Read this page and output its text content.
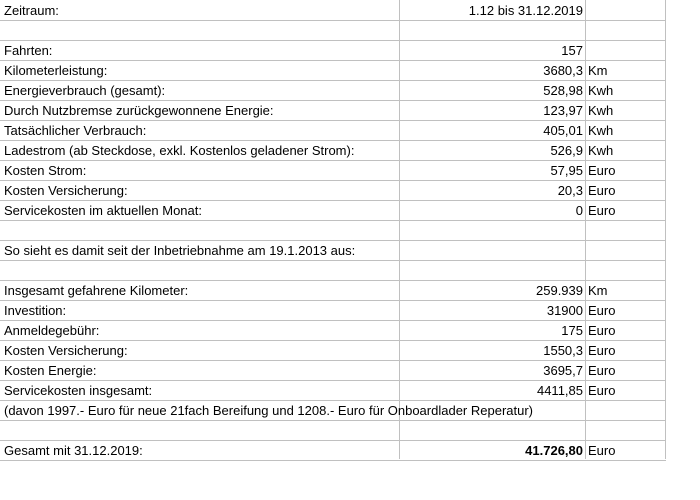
Zeitraum:	1.12 bis 31.12.2019
Fahrten:	157
Kilometerleistung:	3680,3 Km
Energieverbrauch (gesamt):	528,98 Kwh
Durch Nutzbremse zurückgewonnene Energie:	123,97 Kwh
Tatsächlicher Verbrauch:	405,01 Kwh
Ladestrom (ab Steckdose, exkl. Kostenlos geladener Strom):	526,9 Kwh
Kosten Strom:	57,95 Euro
Kosten Versicherung:	20,3 Euro
Servicekosten im aktuellen Monat:	0 Euro
So sieht es damit seit der Inbetriebnahme am 19.1.2013 aus:
Insgesamt gefahrene Kilometer:	259.939 Km
Investition:	31900 Euro
Anmeldegebühr:	175 Euro
Kosten Versicherung:	1550,3 Euro
Kosten Energie:	3695,7 Euro
Servicekosten insgesamt:	4411,85 Euro
(davon 1997.- Euro für neue 21fach Bereifung und 1208.- Euro für Onboardlader Reperatur)
Gesamt mit 31.12.2019:	41.726,80 Euro
